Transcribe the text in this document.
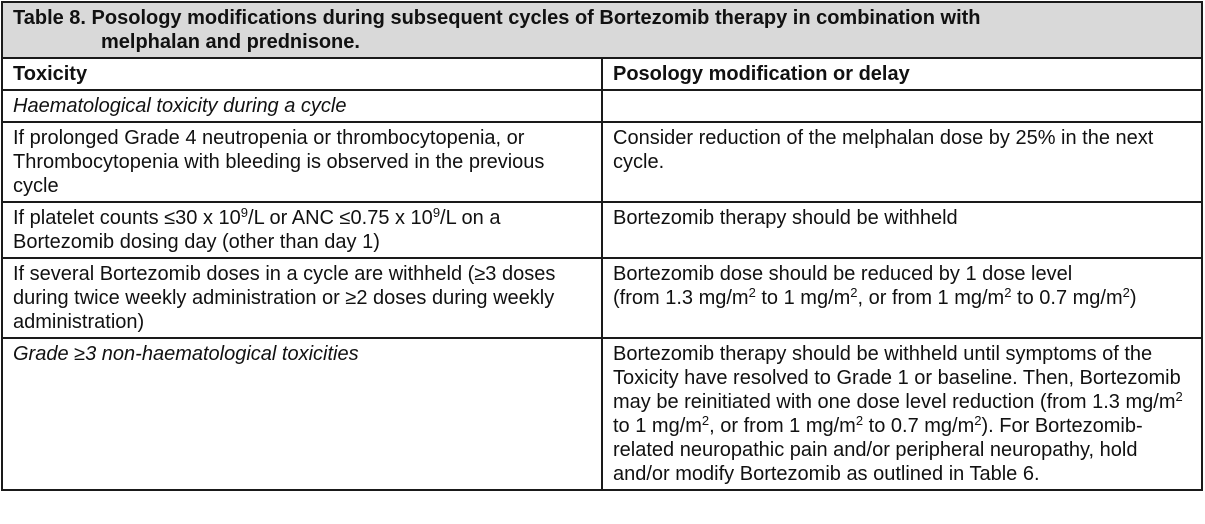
Table 8. Posology modifications during subsequent cycles of Bortezomib therapy in combination with
melphalan and prednisone.	

Toxicity	Posology modification or delay
Haematological toxicity during a cycle	
If prolonged Grade 4 neutropenia or thrombocytopenia, or Thrombocytopenia with bleeding is observed in the previous cycle	Consider reduction of the melphalan dose by 25% in the next cycle.
If platelet counts ≤30 x $10^9/L$ or ANC ≤0.75 x $10^9/L$ on a Bortezomib dosing day (other than day 1)	Bortezomib therapy should be withheld
If several Bortezomib doses in a cycle are withheld (≥3 doses during twice weekly administration or ≥2 doses during weekly administration)	Bortezomib dose should be reduced by 1 dose level
(from 1.3 $mg/m^2$ to 1 $mg/m^2$, or from 1 $mg/m^2$ to 0.7 $mg/m^2$)
Grade ≥3 non-haematological toxicities	Bortezomib therapy should be withheld until symptoms of the Toxicity have resolved to Grade 1 or baseline. Then, Bortezomib may be reinitiated with one dose level reduction (from 1.3 $mg/m^2$ to 1 $mg/m^2$, or from 1 $mg/m^2$ to 0.7 $mg/m^2$). For Bortezomib-related neuropathic pain and/or peripheral neuropathy, hold and/or modify Bortezomib as outlined in Table 6.
